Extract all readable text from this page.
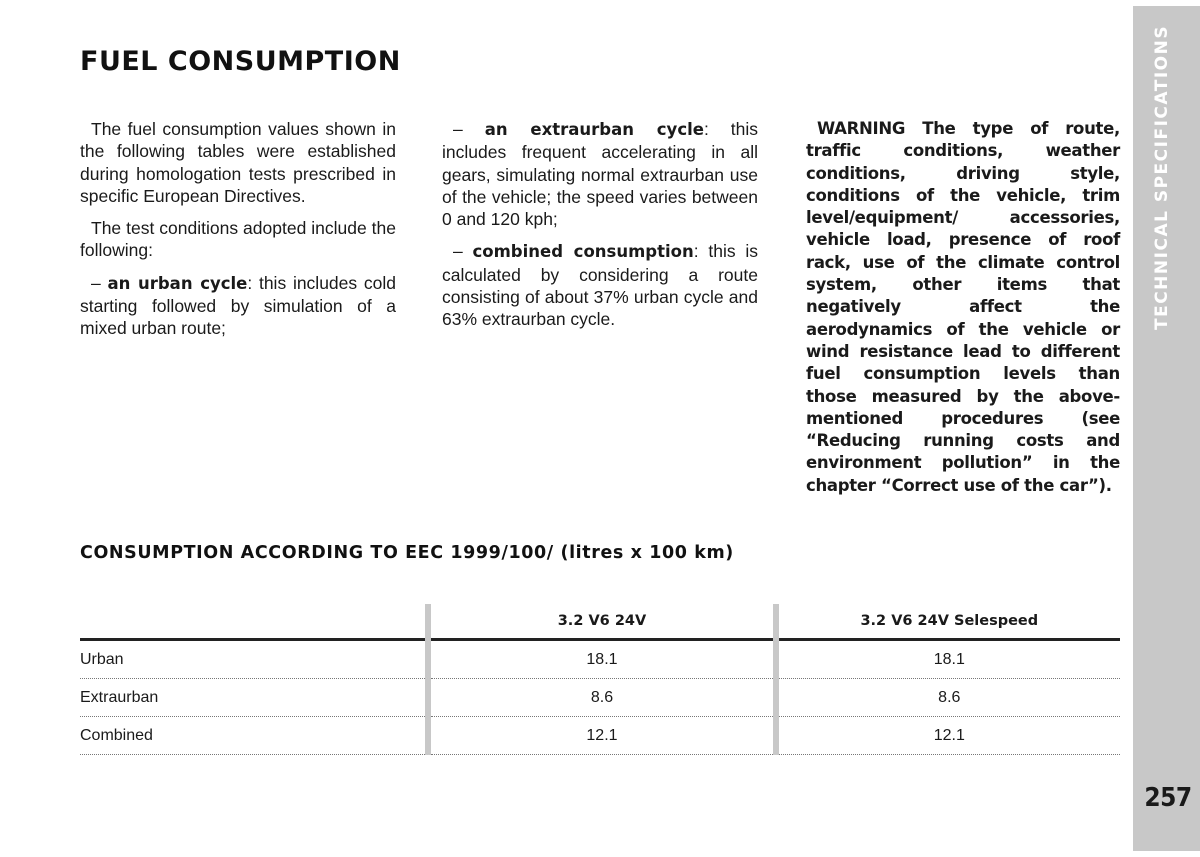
TECHNICAL SPECIFICATIONS
257
FUEL CONSUMPTION

The fuel consumption values shown in the following tables were established during homologation tests prescribed in specific European Directives.

The test conditions adopted include the following:

– an urban cycle: this includes cold starting followed by simulation of a mixed urban route;

– an extraurban cycle: this includes frequent accelerating in all gears, simulating normal extraurban use of the vehicle; the speed varies between 0 and 120 kph;

– combined consumption: this is calculated by considering a route consisting of about 37% urban cycle and 63% extraurban cycle.

WARNING The type of route, traffic conditions, weather conditions, driving style, conditions of the vehicle, trim level/equipment/ accessories, vehicle load, presence of roof rack, use of the climate control system, other items that negatively affect the aerodynamics of the vehicle or wind resistance lead to different fuel consumption levels than those measured by the above-mentioned procedures (see “Reducing running costs and environment pollution” in the chapter “Correct use of the car”).

CONSUMPTION ACCORDING TO EEC 1999/100/ (litres x 100 km)
		3.2 V6 24V		3.2 V6 24V Selespeed
Urban		18.1		18.1
Extraurban		8.6		8.6
Combined		12.1		12.1
